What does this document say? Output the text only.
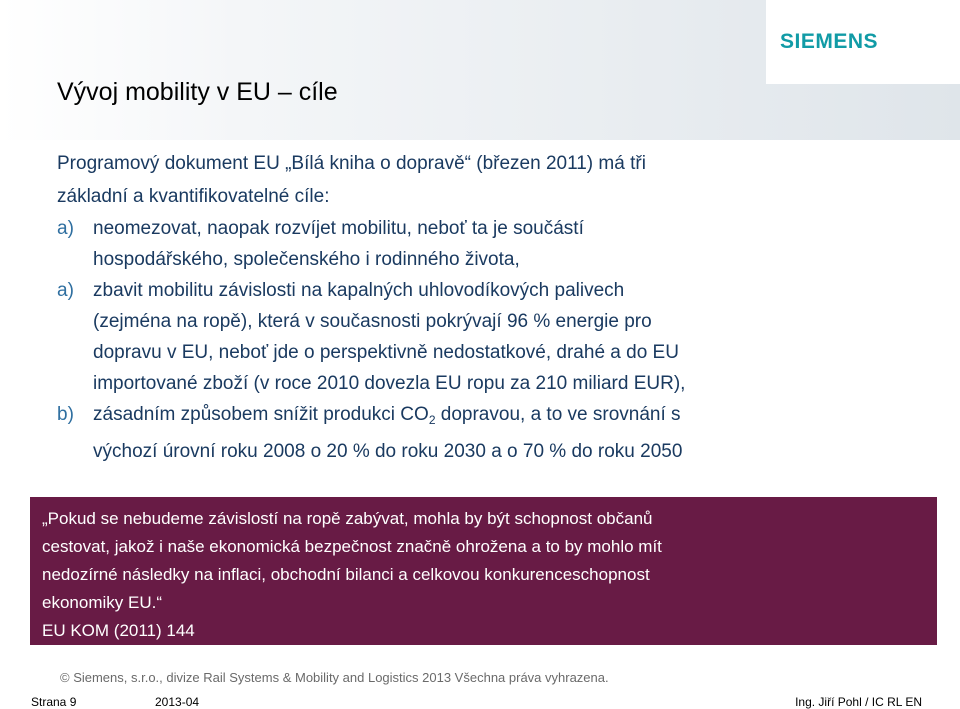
SIEMENS
Vývoj mobility v EU – cíle

Programový dokument EU „Bílá kniha o dopravě“ (březen 2011) má tři
základní a kvantifikovatelné cíle:

a)	neomezovat, naopak rozvíjet mobilitu, neboť ta je součástí
hospodářského, společenského i rodinného života,
a)	zbavit mobilitu závislosti na kapalných uhlovodíkových palivech
(zejména na ropě), která v současnosti pokrývají 96 % energie pro
dopravu v EU, neboť jde o perspektivně nedostatkové, drahé a do EU
importované zboží (v roce 2010 dovezla EU ropu za 210 miliard EUR),
b)	zásadním způsobem snížit produkci $CO_2$ dopravou, a to ve srovnání s
výchozí úrovní roku 2008 o 20 % do roku 2030 a o 70 % do roku 2050

„Pokud se nebudeme závislostí na ropě zabývat, mohla by být schopnost občanů

cestovat, jakož i naše ekonomická bezpečnost značně ohrožena a to by mohlo mít

nedozírné následky na inflaci, obchodní bilanci a celkovou konkurenceschopnost

ekonomiky EU.“

EU KOM (2011) 144

© Siemens, s.r.o., divize Rail Systems & Mobility and Logistics 2013 Všechna práva vyhrazena.
Strana 9	2013-04	Ing. Jiří Pohl / IC RL EN
